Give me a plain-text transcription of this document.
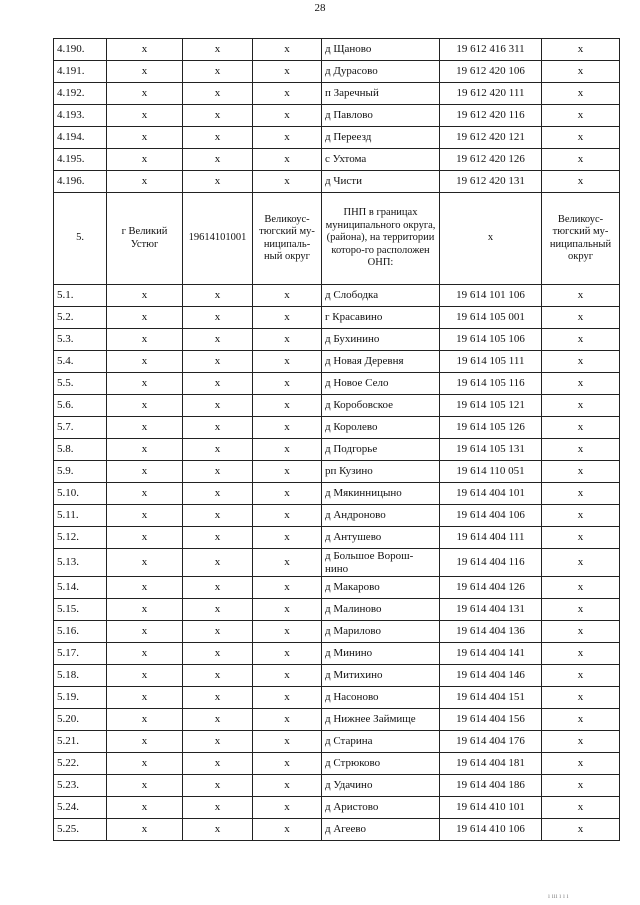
28
4.190.	x	x	x	д Щаново	19 612 416 311	x
4.191.	x	x	x	д Дурасово	19 612 420 106	x
4.192.	x	x	x	п Заречный	19 612 420 111	x
4.193.	x	x	x	д Павлово	19 612 420 116	x
4.194.	x	x	x	д Переезд	19 612 420 121	x
4.195.	x	x	x	с Ухтома	19 612 420 126	x
4.196.	x	x	x	д Чисти	19 612 420 131	x
5.	г Великий Устюг	19614101001	Великоус-тюгский му-ниципаль-ный округ	ПНП в границах муниципального округа, (района), на территории которо-го расположен ОНП:	x	Великоус-тюгский му-ниципальный округ
5.1.	x	x	x	д Слободка	19 614 101 106	x
5.2.	x	x	x	г Красавино	19 614 105 001	x
5.3.	x	x	x	д Бухинино	19 614 105 106	x
5.4.	x	x	x	д Новая Деревня	19 614 105 111	x
5.5.	x	x	x	д Новое Село	19 614 105 116	x
5.6.	x	x	x	д Коробовское	19 614 105 121	x
5.7.	x	x	x	д Королево	19 614 105 126	x
5.8.	x	x	x	д Подгорье	19 614 105 131	x
5.9.	x	x	x	рп Кузино	19 614 110 051	x
5.10.	x	x	x	д Мякинницыно	19 614 404 101	x
5.11.	x	x	x	д Андроново	19 614 404 106	x
5.12.	x	x	x	д Антушево	19 614 404 111	x
5.13.	x	x	x	д Большое Ворош-нино	19 614 404 116	x
5.14.	x	x	x	д Макарово	19 614 404 126	x
5.15.	x	x	x	д Малиново	19 614 404 131	x
5.16.	x	x	x	д Марилово	19 614 404 136	x
5.17.	x	x	x	д Минино	19 614 404 141	x
5.18.	x	x	x	д Митихино	19 614 404 146	x
5.19.	x	x	x	д Насоново	19 614 404 151	x
5.20.	x	x	x	д Нижнее Займище	19 614 404 156	x
5.21.	x	x	x	д Старина	19 614 404 176	x
5.22.	x	x	x	д Стрюково	19 614 404 181	x
5.23.	x	x	x	д Удачино	19 614 404 186	x
5.24.	x	x	x	д Аристово	19 614 410 101	x
5.25.	x	x	x	д Агеево	19 614 410 106	x
ı ııı ı ı ı
